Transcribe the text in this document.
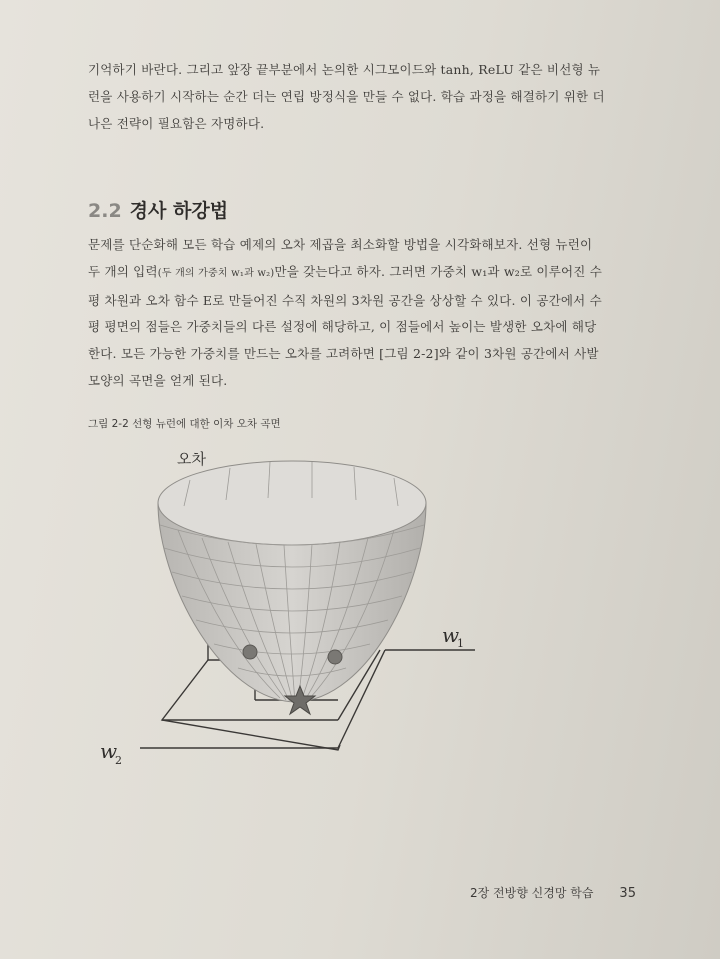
기억하기 바란다. 그리고 앞장 끝부분에서 논의한 시그모이드와 tanh, ReLU 같은 비선형 뉴
런을 사용하기 시작하는 순간 더는 연립 방정식을 만들 수 없다. 학습 과정을 해결하기 위한 더
나은 전략이 필요함은 자명하다.
2.2 경사 하강법
문제를 단순화해 모든 학습 예제의 오차 제곱을 최소화할 방법을 시각화해보자. 선형 뉴런이
두 개의 입력(두 개의 가중치 w₁과 w₂)만을 갖는다고 하자. 그러면 가중치 w₁과 w₂로 이루어진 수
평 차원과 오차 함수 E로 만들어진 수직 차원의 3차원 공간을 상상할 수 있다. 이 공간에서 수
평 평면의 점들은 가중치들의 다른 설정에 해당하고, 이 점들에서 높이는 발생한 오차에 해당
한다. 모든 가능한 가중치를 만드는 오차를 고려하면 [그림 2-2]와 같이 3차원 공간에서 사발
모양의 곡면을 얻게 된다.
그림 2-2 선형 뉴런에 대한 이차 오차 곡면
오차
w
1
w
2
2장 전방향 신경망 학습 35
